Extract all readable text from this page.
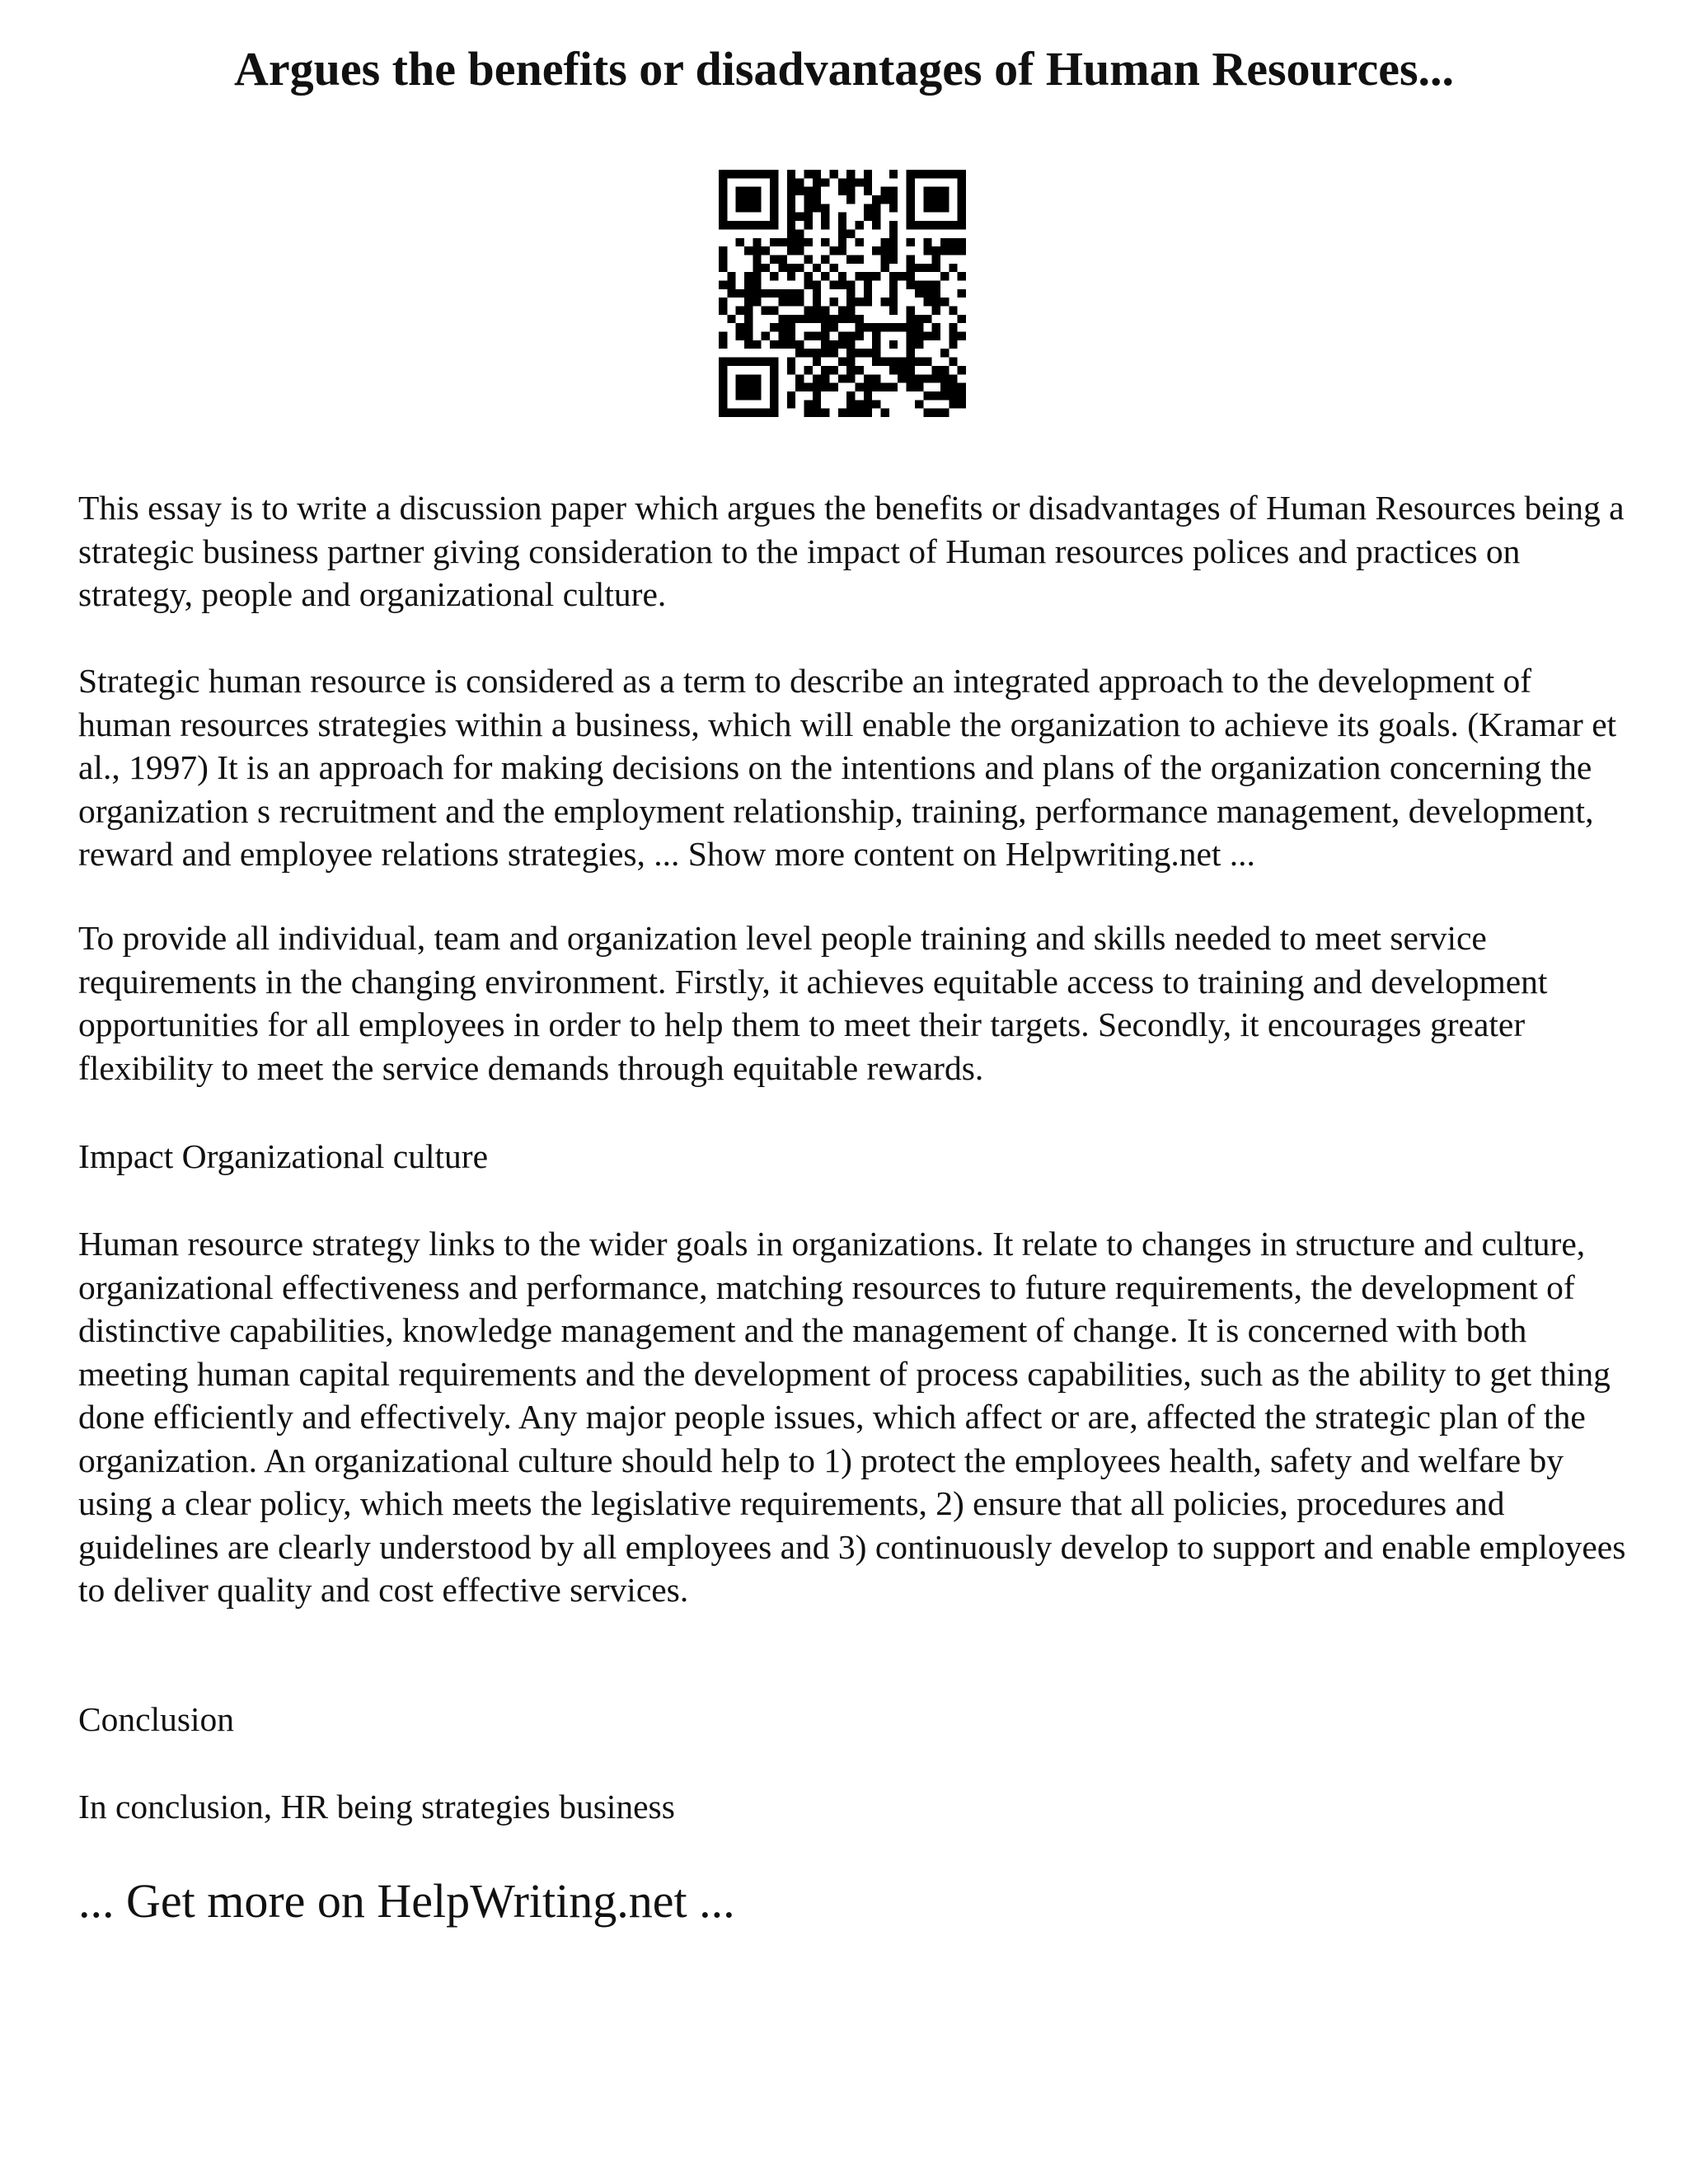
Argues the benefits or disadvantages of Human Resources...

This essay is to write a discussion paper which argues the benefits or disadvantages of Human Resources being a strategic business partner giving consideration to the impact of Human resources polices and practices on strategy, people and organizational culture.

Strategic human resource is considered as a term to describe an integrated approach to the development of human resources strategies within a business, which will enable the organization to achieve its goals. (Kramar et al., 1997) It is an approach for making decisions on the intentions and plans of the organization concerning the organization s recruitment and the employment relationship, training, performance management, development, reward and employee relations strategies, ... Show more content on Helpwriting.net ...

To provide all individual, team and organization level people training and skills needed to meet service requirements in the changing environment. Firstly, it achieves equitable access to training and development opportunities for all employees in order to help them to meet their targets. Secondly, it encourages greater flexibility to meet the service demands through equitable rewards.

Impact Organizational culture

Human resource strategy links to the wider goals in organizations. It relate to changes in structure and culture, organizational effectiveness and performance, matching resources to future requirements, the development of distinctive capabilities, knowledge management and the management of change. It is concerned with both meeting human capital requirements and the development of process capabilities, such as the ability to get thing done efficiently and effectively. Any major people issues, which affect or are, affected the strategic plan of the organization. An organizational culture should help to 1) protect the employees health, safety and welfare by using a clear policy, which meets the legislative requirements, 2) ensure that all policies, procedures and guidelines are clearly understood by all employees and 3) continuously develop to support and enable employees to deliver quality and cost effective services.

Conclusion

In conclusion, HR being strategies business

... Get more on HelpWriting.net ...
